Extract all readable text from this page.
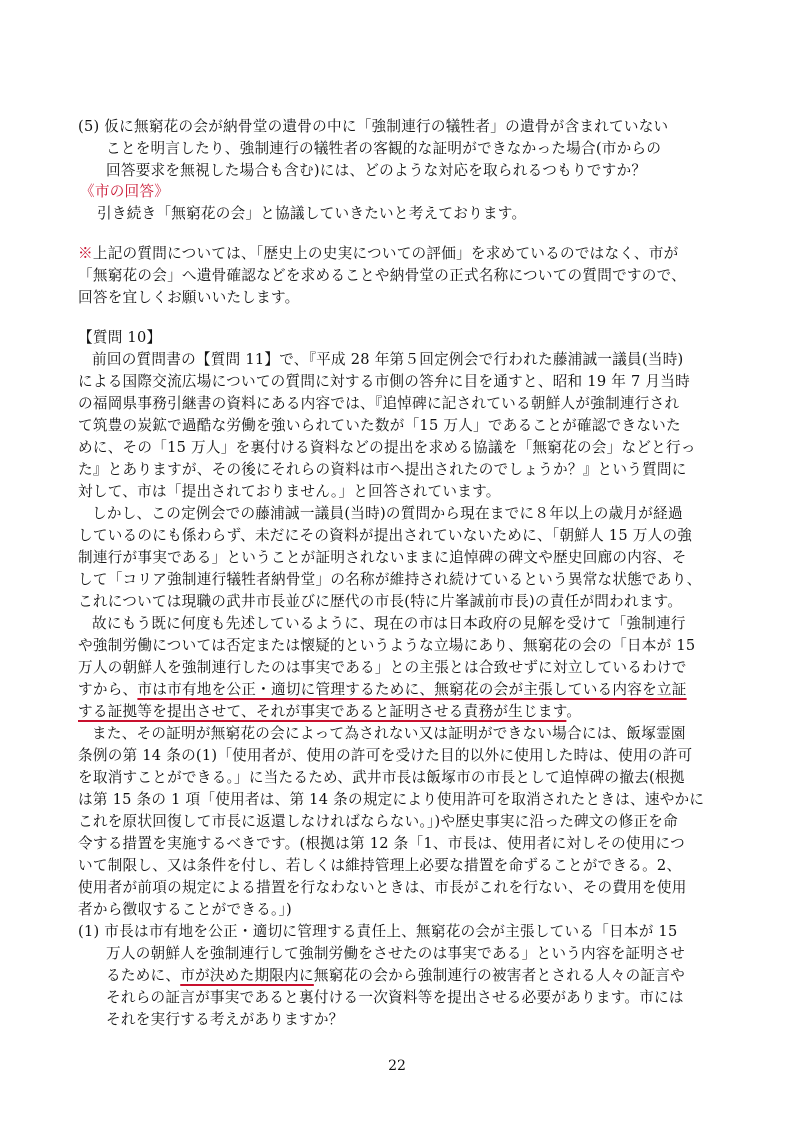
(5) 仮に無窮花の会が納骨堂の遺骨の中に「強制連行の犠牲者」の遺骨が含まれていない
ことを明言したり、強制連行の犠牲者の客観的な証明ができなかった場合(市からの
回答要求を無視した場合も含む)には、どのような対応を取られるつもりですか？
《市の回答》
引き続き「無窮花の会」と協議していきたいと考えております。
※上記の質問については、「歴史上の史実についての評価」を求めているのではなく、市が
「無窮花の会」へ遺骨確認などを求めることや納骨堂の正式名称についての質問ですので、
回答を宜しくお願いいたします。
【質問 10】
前回の質問書の【質問 11】で、『平成 28 年第５回定例会で行われた藤浦誠一議員(当時)
による国際交流広場についての質問に対する市側の答弁に目を通すと、昭和 19 年 7 月当時
の福岡県事務引継書の資料にある内容では、『追悼碑に記されている朝鮮人が強制連行され
て筑豊の炭鉱で過酷な労働を強いられていた数が「15 万人」であることが確認できないた
めに、その「15 万人」を裏付ける資料などの提出を求める協議を「無窮花の会」などと行っ
た』とありますが、その後にそれらの資料は市へ提出されたのでしょうか？』という質問に
対して、市は「提出されておりません。」と回答されています。
しかし、この定例会での藤浦誠一議員(当時)の質問から現在までに８年以上の歳月が経過
しているのにも係わらず、未だにその資料が提出されていないために、「朝鮮人 15 万人の強
制連行が事実である」ということが証明されないままに追悼碑の碑文や歴史回廊の内容、そ
して「コリア強制連行犠牲者納骨堂」の名称が維持され続けているという異常な状態であり、
これについては現職の武井市長並びに歴代の市長(特に片峯誠前市長)の責任が問われます。
故にもう既に何度も先述しているように、現在の市は日本政府の見解を受けて「強制連行
や強制労働については否定または懐疑的というような立場にあり、無窮花の会の「日本が 15
万人の朝鮮人を強制連行したのは事実である」との主張とは合致せずに対立しているわけで
すから、市は市有地を公正・適切に管理するために、無窮花の会が主張している内容を立証
する証拠等を提出させて、それが事実であると証明させる責務が生じます。
また、その証明が無窮花の会によって為されない又は証明ができない場合には、飯塚霊園
条例の第 14 条の(1)「使用者が、使用の許可を受けた目的以外に使用した時は、使用の許可
を取消すことができる。」に当たるため、武井市長は飯塚市の市長として追悼碑の撤去(根拠
は第 15 条の 1 項「使用者は、第 14 条の規定により使用許可を取消されたときは、速やかに
これを原状回復して市長に返還しなければならない。」)や歴史事実に沿った碑文の修正を命
令する措置を実施するべきです。(根拠は第 12 条「1、市長は、使用者に対しその使用につ
いて制限し、又は条件を付し、若しくは維持管理上必要な措置を命ずることができる。2、
使用者が前項の規定による措置を行なわないときは、市長がこれを行ない、その費用を使用
者から徴収することができる。」)
(1) 市長は市有地を公正・適切に管理する責任上、無窮花の会が主張している「日本が 15
万人の朝鮮人を強制連行して強制労働をさせたのは事実である」という内容を証明させ
るために、市が決めた期限内に無窮花の会から強制連行の被害者とされる人々の証言や
それらの証言が事実であると裏付ける一次資料等を提出させる必要があります。市には
それを実行する考えがありますか？
22
